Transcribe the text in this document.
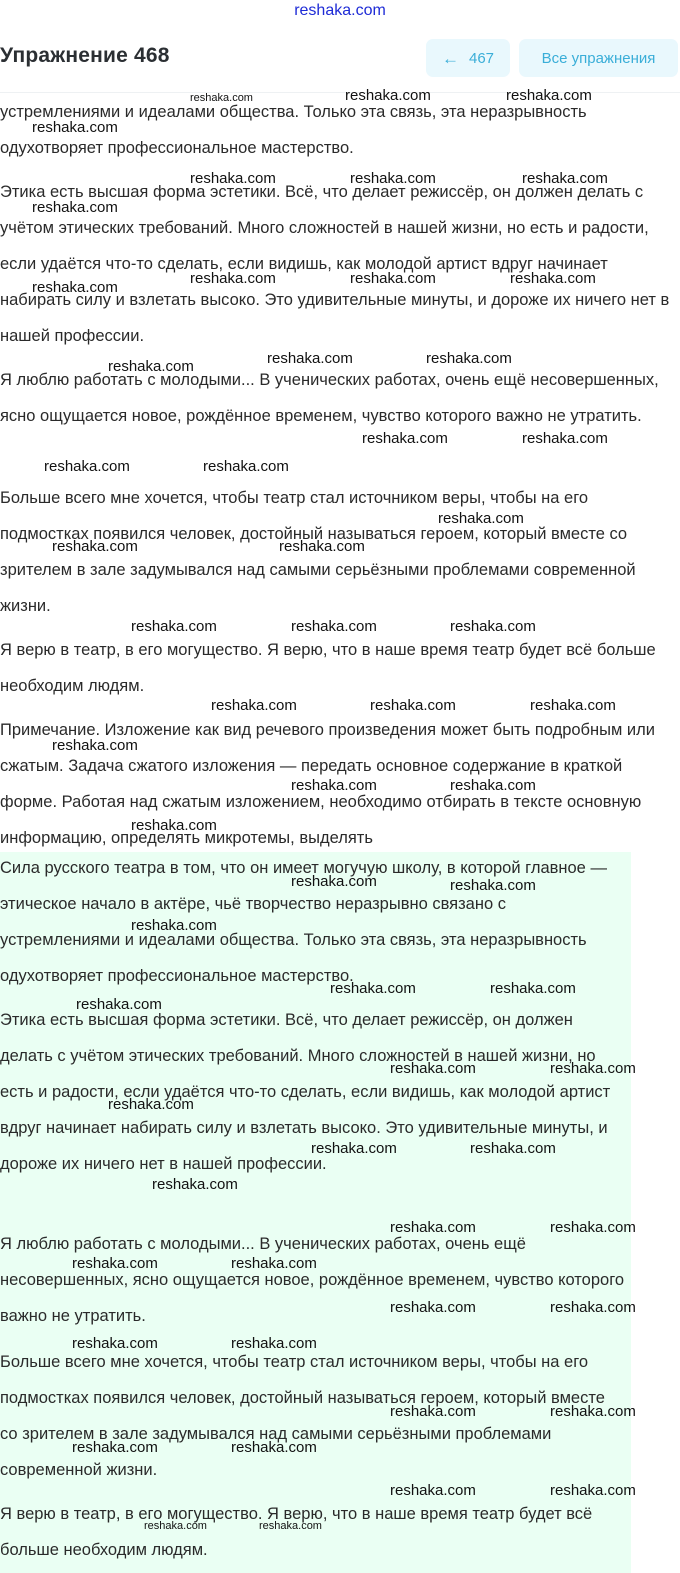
reshaka.com
Упражнение 468	← 467	Все упражнения

устремлениями и идеалами общества. Только эта связь, эта неразрывность одухотворяет профессиональное мастерство.

Этика есть высшая форма эстетики. Всё, что делает режиссёр, он должен делать с учётом этических требований. Много сложностей в нашей жизни, но есть и радости, если удаётся что-то сделать, если видишь, как молодой артист вдруг начинает набирать силу и взлетать высоко. Это удивительные минуты, и дороже их ничего нет в нашей профессии.

Я люблю работать с молодыми... В ученических работах, очень ещё несовершенных, ясно ощущается новое, рождённое временем, чувство которого важно не утратить.

Больше всего мне хочется, чтобы театр стал источником веры, чтобы на его подмостках появился человек, достойный называться героем, который вместе со зрителем в зале задумывался над самыми серьёзными проблемами современной жизни.

Я верю в театр, в его могущество. Я верю, что в наше время театр будет всё больше необходим людям.

Примечание. Изложение как вид речевого произведения может быть подробным или сжатым. Задача сжатого изложения — передать основное содержание в краткой форме. Работая над сжатым изложением, необходимо отбирать в тексте основную информацию, определять микротемы, выделять

Сила русского театра в том, что он имеет могучую школу, в которой главное — этическое начало в актёре, чьё творчество неразрывно связано с устремлениями и идеалами общества. Только эта связь, эта неразрывность одухотворяет профессиональное мастерство.

Этика есть высшая форма эстетики. Всё, что делает режиссёр, он должен делать с учётом этических требований. Много сложностей в нашей жизни, но есть и радости, если удаётся что-то сделать, если видишь, как молодой артист вдруг начинает набирать силу и взлетать высоко. Это удивительные минуты, и дороже их ничего нет в нашей профессии.

Я люблю работать с молодыми... В ученических работах, очень ещё несовершенных, ясно ощущается новое, рождённое временем, чувство которого важно не утратить.

Больше всего мне хочется, чтобы театр стал источником веры, чтобы на его подмостках появился человек, достойный называться героем, который вместе со зрителем в зале задумывался над самыми серьёзными проблемами современной жизни.

Я верю в театр, в его могущество. Я верю, что в наше время театр будет всё больше необходим людям.

reshaka.com	reshaka.com	reshaka.com
reshaka.com
reshaka.com	reshaka.com	reshaka.com
reshaka.com
reshaka.com
reshaka.com	reshaka.com	reshaka.com
reshaka.com	reshaka.com	reshaka.com
reshaka.com	reshaka.com
reshaka.com	reshaka.com
reshaka.com
reshaka.com	reshaka.com
reshaka.com	reshaka.com	reshaka.com
reshaka.com	reshaka.com	reshaka.com
reshaka.com
reshaka.com	reshaka.com
reshaka.com
reshaka.com	reshaka.com
reshaka.com
reshaka.com	reshaka.com
reshaka.com
reshaka.com	reshaka.com
reshaka.com
reshaka.com	reshaka.com
reshaka.com
reshaka.com	reshaka.com
reshaka.com	reshaka.com
reshaka.com	reshaka.com
reshaka.com	reshaka.com
reshaka.com	reshaka.com
reshaka.com	reshaka.com
reshaka.com	reshaka.com
reshaka.com	reshaka.com
